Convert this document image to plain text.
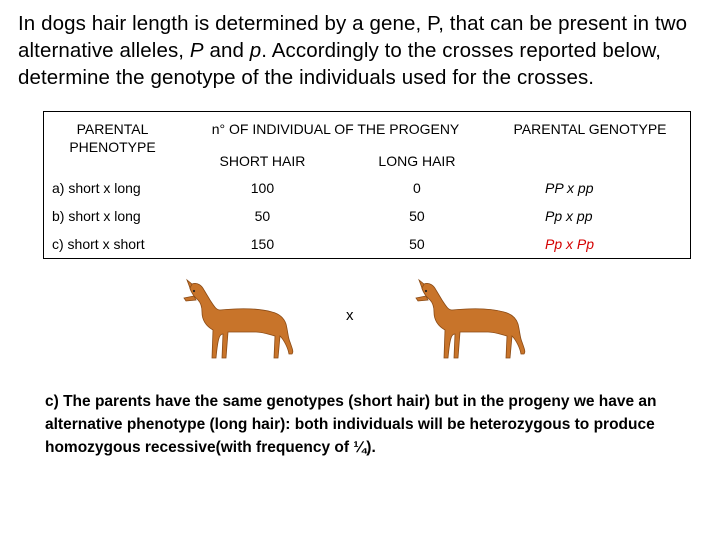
In dogs hair length is determined by a gene, P, that can be present in two alternative alleles, P and p. Accordingly to the crosses reported below, determine the genotype of the individuals used for the crosses.
PARENTAL PHENOTYPE	n° OF INDIVIDUAL OF THE PROGENY		PARENTAL GENOTYPE
	SHORT HAIR	LONG HAIR	
a) short x long	100	0	PP x pp
b) short x long	50	50	Pp x pp
c) short x short	150	50	Pp x Pp
x
c) The parents have the same genotypes (short hair) but in the progeny we have an alternative phenotype (long hair): both individuals will be heterozygous to produce homozygous recessive(with frequency of ¼).
